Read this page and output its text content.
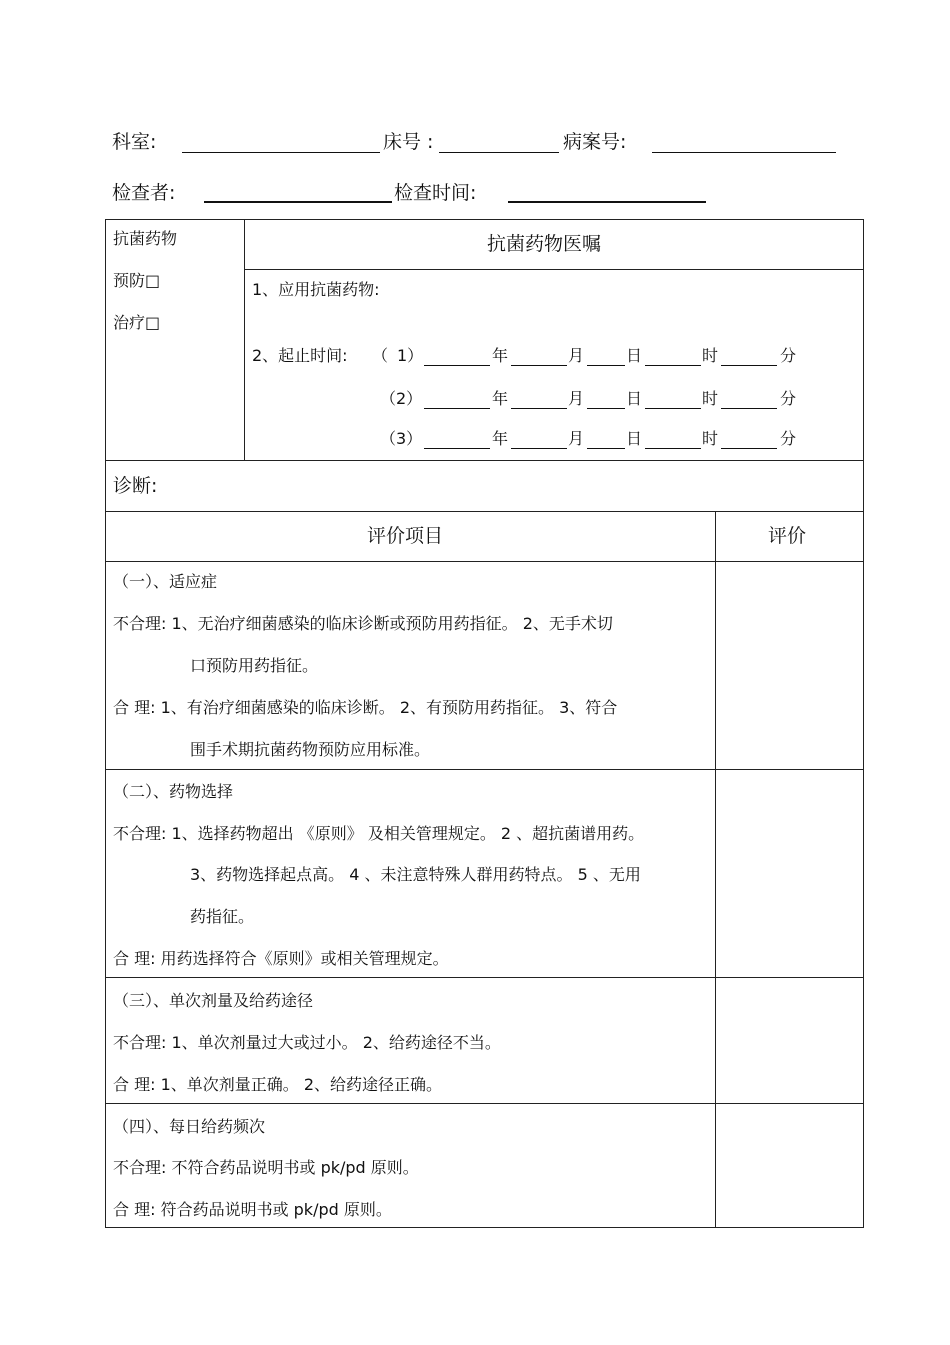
科室:	床号 :	病案号:
检查者:	检查时间:
抗菌药物
预防□
治疗□
抗菌药物医嘱
1、应用抗菌药物:
2、起止时间: （ 1）	年	月	日	时	分
（2）	年	月	日	时	分
（3）	年	月	日	时	分
诊断:
评价项目	评价
（一）、适应症
不合理: 1、无治疗细菌感染的临床诊断或预防用药指征。 2、无手术切
口预防用药指征。
合 理: 1、有治疗细菌感染的临床诊断。 2、有预防用药指征。 3、符合
围手术期抗菌药物预防应用标准。
（二）、药物选择
不合理: 1、选择药物超出 《原则》 及相关管理规定。 2 、超抗菌谱用药。
3、药物选择起点高。 4 、未注意特殊人群用药特点。 5 、无用
药指征。
合 理: 用药选择符合《原则》或相关管理规定。
（三）、单次剂量及给药途径
不合理: 1、单次剂量过大或过小。 2、给药途径不当。
合 理: 1、单次剂量正确。 2、给药途径正确。
（四）、每日给药频次
不合理: 不符合药品说明书或 pk/pd 原则。
合 理: 符合药品说明书或 pk/pd 原则。
